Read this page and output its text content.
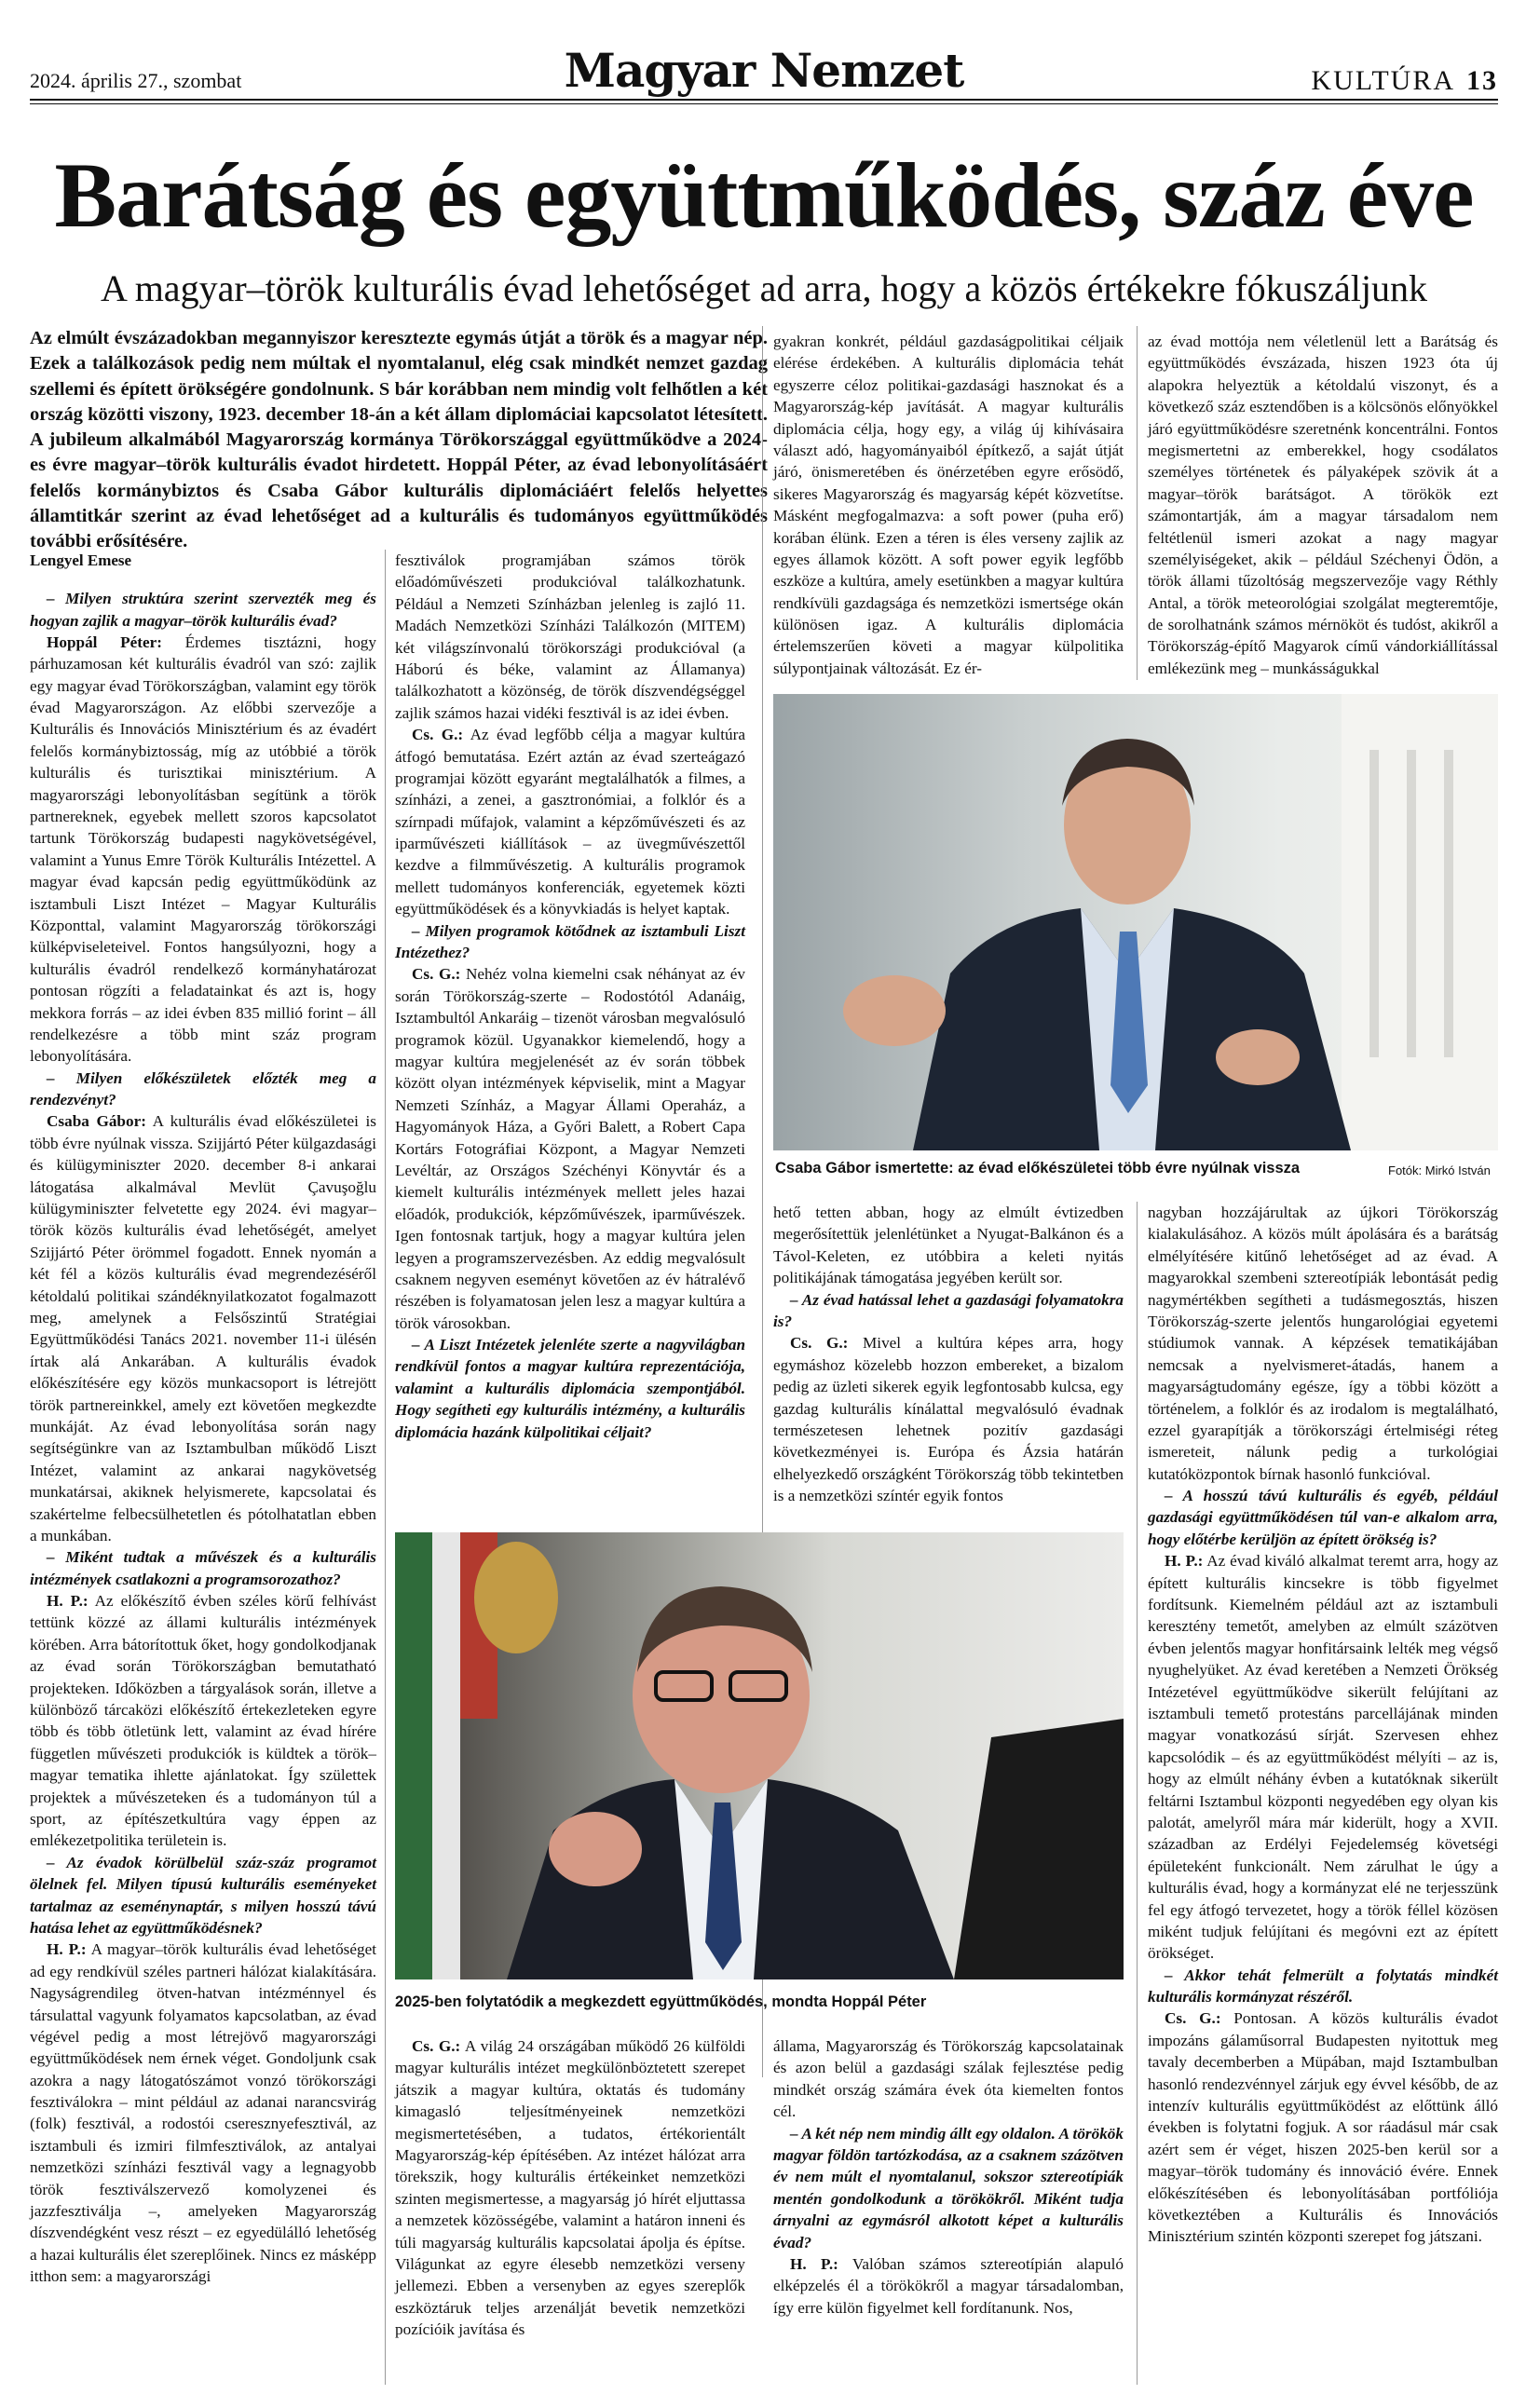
2024. április 27., szombat	Magyar Nemzet	KULTÚRA 13
Barátság és együttműködés, száz éve
A magyar–török kulturális évad lehetőséget ad arra, hogy a közös értékekre fókuszáljunk
Az elmúlt évszázadokban megannyiszor keresztezte egymás útját a török és a magyar nép. Ezek a találkozások pedig nem múltak el nyomtalanul, elég csak mindkét nemzet gazdag szellemi és épített örökségére gondolnunk. S bár korábban nem mindig volt felhőtlen a két ország közötti viszony, 1923. december 18-án a két állam diplomáciai kapcsolatot létesített. A jubileum alkalmából Magyarország kormánya Törökországgal együttműködve a 2024-es évre magyar–török kulturális évadot hirdetett. Hoppál Péter, az évad lebonyolításáért felelős kormánybiztos és Csaba Gábor kulturális diplomáciáért felelős helyettes államtitkár szerint az évad lehetőséget ad a kulturális és tudományos együttműködés további erősítésére.
Lengyel Emese

– Milyen struktúra szerint szervezték meg és hogyan zajlik a magyar–török kulturális évad?

Hoppál Péter: Érdemes tisztázni, hogy párhuzamosan két kulturális évadról van szó: zajlik egy magyar évad Törökországban, valamint egy török évad Magyarországon. Az előbbi szervezője a Kulturális és Innovációs Minisztérium és az évadért felelős kormánybiztosság, míg az utóbbié a török kulturális és turisztikai minisztérium. A magyarországi lebonyolításban segítünk a török partnereknek, egyebek mellett szoros kapcsolatot tartunk Törökország budapesti nagykövetségével, valamint a Yunus Emre Török Kulturális Intézettel. A magyar évad kapcsán pedig együttműködünk az isztambuli Liszt Intézet – Magyar Kulturális Központtal, valamint Magyarország törökországi külképviseleteivel. Fontos hangsúlyozni, hogy a kulturális évadról rendelkező kormányhatározat pontosan rögzíti a feladatainkat és azt is, hogy mekkora forrás – az idei évben 835 millió forint – áll rendelkezésre a több mint száz program lebonyolítására.

– Milyen előkészületek előzték meg a rendezvényt?

Csaba Gábor: A kulturális évad előkészületei is több évre nyúlnak vissza. Szijjártó Péter külgazdasági és külügyminiszter 2020. december 8-i ankarai látogatása alkalmával Mevlüt Çavuşoğlu külügyminiszter felvetette egy 2024. évi magyar–török közös kulturális évad lehetőségét, amelyet Szijjártó Péter örömmel fogadott. Ennek nyomán a két fél a közös kulturális évad megrendezéséről kétoldalú politikai szándéknyilatkozatot fogalmazott meg, amelynek a Felsőszintű Stratégiai Együttműködési Tanács 2021. november 11-i ülésén írtak alá Ankarában. A kulturális évadok előkészítésére egy közös munkacsoport is létrejött török partnereinkkel, amely ezt követően megkezdte munkáját. Az évad lebonyolítása során nagy segítségünkre van az Isztambulban működő Liszt Intézet, valamint az ankarai nagykövetség munkatársai, akiknek helyismerete, kapcsolatai és szakértelme felbecsülhetetlen és pótolhatatlan ebben a munkában.

– Miként tudtak a művészek és a kulturális intézmények csatlakozni a programsorozathoz?

H. P.: Az előkészítő évben széles körű felhívást tettünk közzé az állami kulturális intézmények körében. Arra bátorítottuk őket, hogy gondolkodjanak az évad során Törökországban bemutatható projekteken. Időközben a tárgyalások során, illetve a különböző tárcaközi előkészítő értekezleteken egyre több és több ötletünk lett, valamint az évad hírére független művészeti produkciók is küldtek a török–magyar tematika ihlette ajánlatokat. Így születtek projektek a művészeteken és a tudományon túl a sport, az építészetkultúra vagy éppen az emlékezetpolitika területein is.

– Az évadok körülbelül száz-száz programot ölelnek fel. Milyen típusú kulturális eseményeket tartalmaz az eseménynaptár, s milyen hosszú távú hatása lehet az együttműködésnek?

H. P.: A magyar–török kulturális évad lehetőséget ad egy rendkívül széles partneri hálózat kialakítására. Nagyságrendileg ötven-hatvan intézménnyel és társulattal vagyunk folyamatos kapcsolatban, az évad végével pedig a most létrejövő magyarországi együttműködések nem érnek véget. Gondoljunk csak azokra a nagy látogatószámot vonzó törökországi fesztiválokra – mint például az adanai narancsvirág (folk) fesztivál, a rodostói cseresznyefesztivál, az isztambuli és izmiri filmfesztiválok, az antalyai nemzetközi színházi fesztivál vagy a legnagyobb török fesztiválszervező komolyzenei és jazzfesztiválja –, amelyeken Magyarország díszvendégként vesz részt – ez egyedülálló lehetőség a hazai kulturális élet szereplőinek. Nincs ez másképp itthon sem: a magyarországi

fesztiválok programjában számos török előadóművészeti produkcióval találkozhatunk. Például a Nemzeti Színházban jelenleg is zajló 11. Madách Nemzetközi Színházi Találkozón (MITEM) két világszínvonalú törökországi produkcióval (a Háború és béke, valamint az Államanya) találkozhatott a közönség, de török díszvendégséggel zajlik számos hazai vidéki fesztivál is az idei évben.

Cs. G.: Az évad legfőbb célja a magyar kultúra átfogó bemutatása. Ezért aztán az évad szerteágazó programjai között egyaránt megtalálhatók a filmes, a színházi, a zenei, a gasztronómiai, a folklór és a szírnpadi műfajok, valamint a képzőművészeti és az iparművészeti kiállítások – az üvegművészettől kezdve a filmművészetig. A kulturális programok mellett tudományos konferenciák, egyetemek közti együttműködések és a könyvkiadás is helyet kaptak.

– Milyen programok kötődnek az isztambuli Liszt Intézethez?

Cs. G.: Nehéz volna kiemelni csak néhányat az év során Törökország-szerte – Rodostótól Adanáig, Isztambultól Ankaráig – tizenöt városban megvalósuló programok közül. Ugyanakkor kiemelendő, hogy a magyar kultúra megjelenését az év során többek között olyan intézmények képviselik, mint a Magyar Nemzeti Színház, a Magyar Állami Operaház, a Hagyományok Háza, a Győri Balett, a Robert Capa Kortárs Fotográfiai Központ, a Magyar Nemzeti Levéltár, az Országos Széchényi Könyvtár és a kiemelt kulturális intézmények mellett jeles hazai előadók, produkciók, képzőművészek, iparművészek. Igen fontosnak tartjuk, hogy a magyar kultúra jelen legyen a programszervezésben. Az eddig megvalósult csaknem negyven eseményt követően az év hátralévő részében is folyamatosan jelen lesz a magyar kultúra a török városokban.

– A Liszt Intézetek jelenléte szerte a nagyvilágban rendkívül fontos a magyar kultúra reprezentációja, valamint a kulturális diplomácia szempontjából. Hogy segítheti egy kulturális intézmény, a kulturális diplomácia hazánk külpolitikai céljait?

gyakran konkrét, például gazdaságpolitikai céljaik elérése érdekében. A kulturális diplomácia tehát egyszerre céloz politikai-gazdasági hasznokat és a Magyarország-kép javítását. A magyar kulturális diplomácia célja, hogy egy, a világ új kihívásaira választ adó, hagyományaiból építkező, a saját útját járó, önismeretében és önérzetében egyre erősödő, sikeres Magyarország és magyarság képét közvetítse. Másként megfogalmazva: a soft power (puha erő) korában élünk. Ezen a téren is éles verseny zajlik az egyes államok között. A soft power egyik legfőbb eszköze a kultúra, amely esetünkben a magyar kultúra rendkívüli gazdagsága és nemzetközi ismertsége okán különösen igaz. A kulturális diplomácia értelemszerűen követi a magyar külpolitika súlypontjainak változását. Ez ér-

az évad mottója nem véletlenül lett a Barátság és együttműködés évszázada, hiszen 1923 óta új alapokra helyeztük a kétoldalú viszonyt, és a következő száz esztendőben is a kölcsönös előnyökkel járó együttműködésre szeretnénk koncentrálni. Fontos megismertetni az emberekkel, hogy csodálatos személyes történetek és pályaképek szövik át a magyar–török barátságot. A törökök ezt számontartják, ám a magyar társadalom nem feltétlenül ismeri azokat a nagy magyar személyiségeket, akik – például Széchenyi Ödön, a török állami tűzoltóság megszervezője vagy Réthly Antal, a török meteorológiai szolgálat megteremtője, de sorolhatnánk számos mérnököt és tudóst, akikről a Törökország-építő Magyarok című vándorkiállítással emlékezünk meg – munkásságukkal

Csaba Gábor ismertette: az évad előkészületei több évre nyúlnak vissza	Fotók: Mirkó István

hető tetten abban, hogy az elmúlt évtizedben megerősítettük jelenlétünket a Nyugat-Balkánon és a Távol-Keleten, ez utóbbira a keleti nyitás politikájának támogatása jegyében került sor.

– Az évad hatással lehet a gazdasági folyamatokra is?

Cs. G.: Mivel a kultúra képes arra, hogy egymáshoz közelebb hozzon embereket, a bizalom pedig az üzleti sikerek egyik legfontosabb kulcsa, egy gazdag kulturális kínálattal megvalósuló évadnak természetesen lehetnek pozitív gazdasági következményei is. Európa és Ázsia határán elhelyezkedő országként Törökország több tekintetben is a nemzetközi színtér egyik fontos

nagyban hozzájárultak az újkori Törökország kialakulásához. A közös múlt ápolására és a barátság elmélyítésére kitűnő lehetőséget ad az évad. A magyarokkal szembeni sztereotípiák lebontását pedig nagymértékben segítheti a tudásmegosztás, hiszen Törökország-szerte jelentős hungarológiai egyetemi stúdiumok vannak. A képzések tematikájában nemcsak a nyelvismeret-átadás, hanem a magyarságtudomány egésze, így a többi között a történelem, a folklór és az irodalom is megtalálható, ezzel gyarapítják a törökországi értelmiségi réteg ismereteit, nálunk pedig a turkológiai kutatóközpontok bírnak hasonló funkcióval.

– A hosszú távú kulturális és egyéb, például gazdasági együttműködésen túl van-e alkalom arra, hogy előtérbe kerüljön az épített örökség is?

H. P.: Az évad kiváló alkalmat teremt arra, hogy az épített kulturális kincsekre is több figyelmet fordítsunk. Kiemelném például azt az isztambuli keresztény temetőt, amelyben az elmúlt százötven évben jelentős magyar honfitársaink lelték meg végső nyughelyüket. Az évad keretében a Nemzeti Örökség Intézetével együttműködve sikerült felújítani az isztambuli temető protestáns parcellájának minden magyar vonatkozású sírját. Szervesen ehhez kapcsolódik – és az együttműködést mélyíti – az is, hogy az elmúlt néhány évben a kutatóknak sikerült feltárni Isztambul központi negyedében egy olyan kis palotát, amelyről mára már kiderült, hogy a XVII. században az Erdélyi Fejedelemség követségi épületeként funkcionált. Nem zárulhat le úgy a kulturális évad, hogy a kormányzat elé ne terjesszünk fel egy átfogó tervezetet, hogy a török féllel közösen miként tudjuk felújítani és megóvni ezt az épített örökséget.

– Akkor tehát felmerült a folytatás mindkét kulturális kormányzat részéről.

Cs. G.: Pontosan. A közös kulturális évadot impozáns gálaműsorral Budapesten nyitottuk meg tavaly decemberben a Müpában, majd Isztambulban hasonló rendezvénnyel zárjuk egy évvel később, de az intenzív kulturális együttműködést az előttünk álló években is folytatni fogjuk. A sor ráadásul már csak azért sem ér véget, hiszen 2025-ben kerül sor a magyar–török tudomány és innováció évére. Ennek előkészítésében és lebonyolításában portfóliója következtében a Kulturális és Innovációs Minisztérium szintén központi szerepet fog játszani.

2025-ben folytatódik a megkezdett együttműködés, mondta Hoppál Péter

Cs. G.: A világ 24 országában működő 26 külföldi magyar kulturális intézet megkülönböztetett szerepet játszik a magyar kultúra, oktatás és tudomány kimagasló teljesítményeinek nemzetközi megismertetésében, a tudatos, értékorientált Magyarország-kép építésében. Az intézet hálózat arra törekszik, hogy kulturális értékeinket nemzetközi szinten megismertesse, a magyarság jó hírét eljuttassa a nemzetek közösségébe, valamint a határon inneni és túli magyarság kulturális kapcsolatai ápolja és építse. Világunkat az egyre élesebb nemzetközi verseny jellemezi. Ebben a versenyben az egyes szereplők eszköztáruk teljes arzenálját bevetik nemzetközi pozícióik javítása és

állama, Magyarország és Törökország kapcsolatainak és azon belül a gazdasági szálak fejlesztése pedig mindkét ország számára évek óta kiemelten fontos cél.

– A két nép nem mindig állt egy oldalon. A törökök magyar földön tartózkodása, az a csaknem százötven év nem múlt el nyomtalanul, sokszor sztereotípiák mentén gondolkodunk a törökökről. Miként tudja árnyalni az egymásról alkotott képet a kulturális évad?

H. P.: Valóban számos sztereotípián alapuló elképzelés él a törökökről a magyar társadalomban, így erre külön figyelmet kell fordítanunk. Nos,
